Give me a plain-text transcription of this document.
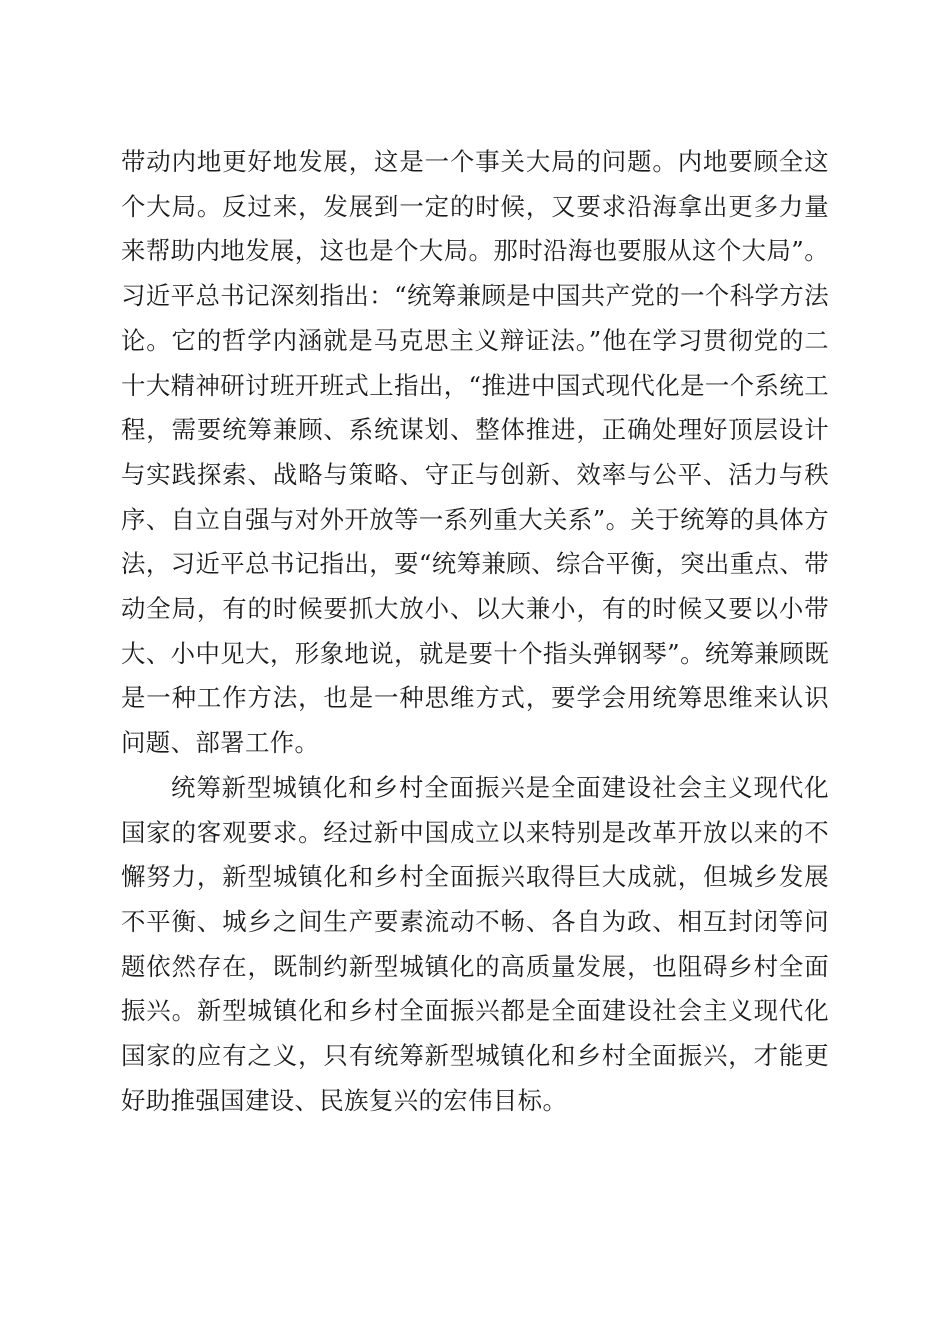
带动内地更好地发展，这是一个事关大局的问题。内地要顾全这个大局。反过来，发展到一定的时候，又要求沿海拿出更多力量来帮助内地发展，这也是个大局。那时沿海也要服从这个大局”。习近平总书记深刻指出：“统筹兼顾是中国共产党的一个科学方法论。它的哲学内涵就是马克思主义辩证法。”他在学习贯彻党的二十大精神研讨班开班式上指出，“推进中国式现代化是一个系统工程，需要统筹兼顾、系统谋划、整体推进，正确处理好顶层设计与实践探索、战略与策略、守正与创新、效率与公平、活力与秩序、自立自强与对外开放等一系列重大关系”。关于统筹的具体方法，习近平总书记指出，要“统筹兼顾、综合平衡，突出重点、带动全局，有的时候要抓大放小、以大兼小，有的时候又要以小带大、小中见大，形象地说，就是要十个指头弹钢琴”。统筹兼顾既是一种工作方法，也是一种思维方式，要学会用统筹思维来认识问题、部署工作。

统筹新型城镇化和乡村全面振兴是全面建设社会主义现代化国家的客观要求。经过新中国成立以来特别是改革开放以来的不懈努力，新型城镇化和乡村全面振兴取得巨大成就，但城乡发展不平衡、城乡之间生产要素流动不畅、各自为政、相互封闭等问题依然存在，既制约新型城镇化的高质量发展，也阻碍乡村全面振兴。新型城镇化和乡村全面振兴都是全面建设社会主义现代化国家的应有之义，只有统筹新型城镇化和乡村全面振兴，才能更好助推强国建设、民族复兴的宏伟目标。
